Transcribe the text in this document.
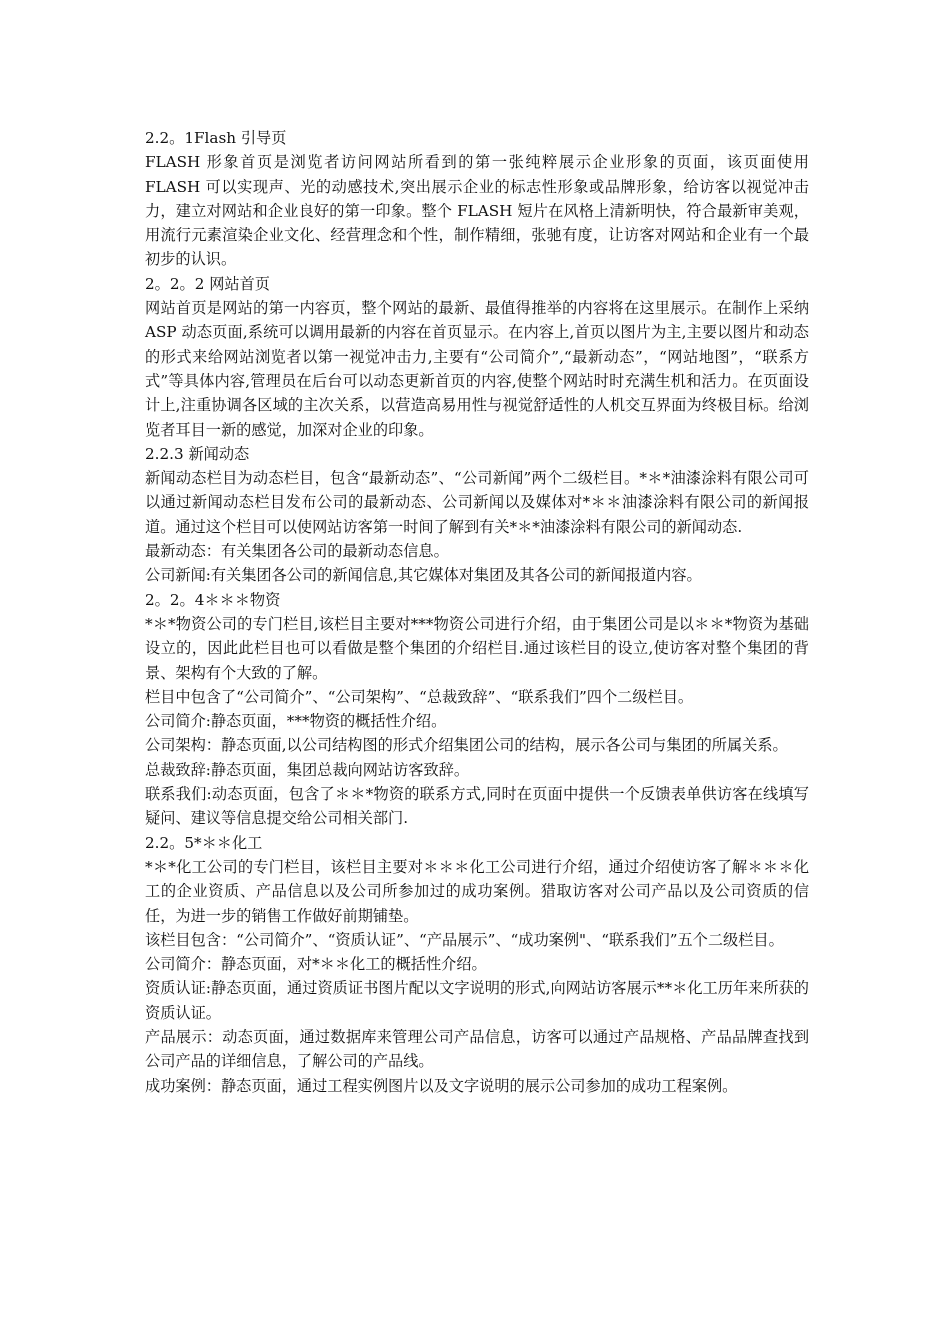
2.2。1Flash 引导页

FLASH 形象首页是浏览者访问网站所看到的第一张纯粹展示企业形象的页面，该页面使用 FLASH 可以实现声、光的动感技术,突出展示企业的标志性形象或品牌形象，给访客以视觉冲击力，建立对网站和企业良好的第一印象。整个 FLASH 短片在风格上清新明快，符合最新审美观，用流行元素渲染企业文化、经营理念和个性，制作精细，张驰有度，让访客对网站和企业有一个最初步的认识。

2。2。2 网站首页

网站首页是网站的第一内容页，整个网站的最新、最值得推举的内容将在这里展示。在制作上采纳 ASP 动态页面,系统可以调用最新的内容在首页显示。在内容上,首页以图片为主,主要以图片和动态的形式来给网站浏览者以第一视觉冲击力,主要有“公司简介”,“最新动态”，“网站地图”，“联系方式”等具体内容,管理员在后台可以动态更新首页的内容,使整个网站时时充满生机和活力。在页面设计上,注重协调各区域的主次关系，以营造高易用性与视觉舒适性的人机交互界面为终极目标。给浏览者耳目一新的感觉，加深对企业的印象。

2.2.3 新闻动态

新闻动态栏目为动态栏目，包含“最新动态”、“公司新闻”两个二级栏目。*＊*油漆涂料有限公司可以通过新闻动态栏目发布公司的最新动态、公司新闻以及媒体对*＊＊油漆涂料有限公司的新闻报道。通过这个栏目可以使网站访客第一时间了解到有关*＊*油漆涂料有限公司的新闻动态.

最新动态：有关集团各公司的最新动态信息。

公司新闻:有关集团各公司的新闻信息,其它媒体对集团及其各公司的新闻报道内容。

2。2。4＊＊＊物资

*＊*物资公司的专门栏目,该栏目主要对***物资公司进行介绍，由于集团公司是以＊＊*物资为基础设立的，因此此栏目也可以看做是整个集团的介绍栏目.通过该栏目的设立,使访客对整个集团的背景、架构有个大致的了解。

栏目中包含了“公司简介”、“公司架构”、“总裁致辞”、“联系我们”四个二级栏目。

公司简介:静态页面，***物资的概括性介绍。

公司架构：静态页面,以公司结构图的形式介绍集团公司的结构，展示各公司与集团的所属关系。

总裁致辞:静态页面，集团总裁向网站访客致辞。

联系我们:动态页面，包含了＊＊*物资的联系方式,同时在页面中提供一个反馈表单供访客在线填写疑问、建议等信息提交给公司相关部门.

2.2。5*＊＊化工

*＊*化工公司的专门栏目，该栏目主要对＊＊＊化工公司进行介绍，通过介绍使访客了解＊＊＊化工的企业资质、产品信息以及公司所参加过的成功案例。猎取访客对公司产品以及公司资质的信任，为进一步的销售工作做好前期铺垫。

该栏目包含：“公司简介”、“资质认证”、“产品展示”、“成功案例"、“联系我们”五个二级栏目。

公司简介：静态页面，对*＊＊化工的概括性介绍。

资质认证:静态页面，通过资质证书图片配以文字说明的形式,向网站访客展示**＊化工历年来所获的资质认证。

产品展示：动态页面，通过数据库来管理公司产品信息，访客可以通过产品规格、产品品牌查找到公司产品的详细信息，了解公司的产品线。

成功案例：静态页面，通过工程实例图片以及文字说明的展示公司参加的成功工程案例。
